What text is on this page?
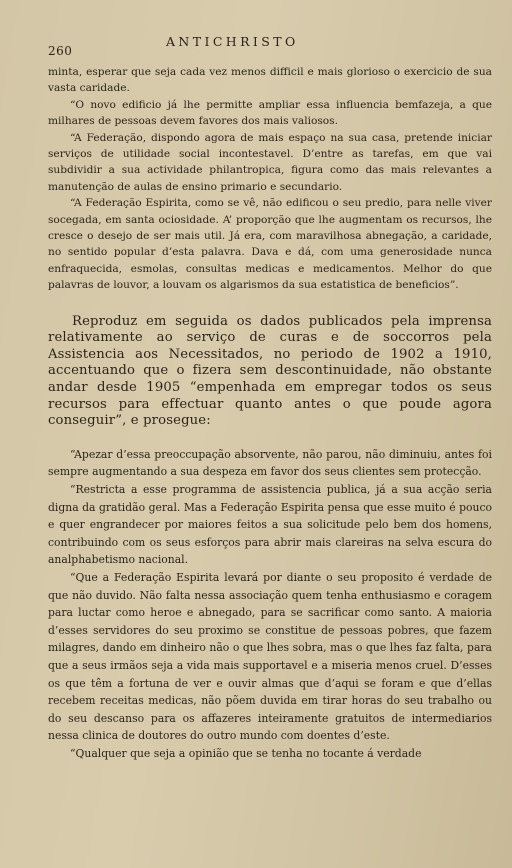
260
ANTICHRISTO

minta, esperar que seja cada vez menos difficil e mais glorioso o exercicio de sua vasta caridade.

“O novo edificio já lhe permitte ampliar essa influencia bemfazeja, a que milhares de pessoas devem favores dos mais valiosos.

“A Federação, dispondo agora de mais espaço na sua casa, pretende iniciar serviços de utilidade social incontestavel. D’entre as tarefas, em que vai subdividir a sua actividade philantropica, figura como das mais relevantes a manutenção de aulas de ensino primario e secundario.

“A Federação Espirita, como se vê, não edificou o seu predio, para nelle viver socegada, em santa ociosidade. A’ proporção que lhe augmentam os recursos, lhe cresce o desejo de ser mais util. Já era, com maravilhosa abnegação, a caridade, no sentido popular d’esta palavra. Dava e dá, com uma generosidade nunca enfraquecida, esmolas, consultas medicas e medicamentos. Melhor do que palavras de louvor, a louvam os algarismos da sua estatistica de beneficios”.

Reproduz em seguida os dados publicados pela imprensa relativamente ao serviço de curas e de soccorros pela Assistencia aos Necessitados, no periodo de 1902 a 1910, accentuando que o fizera sem descontinuidade, não obstante andar desde 1905 “empenhada em empregar todos os seus recursos para effectuar quanto antes o que poude agora conseguir”, e prosegue:

“Apezar d’essa preoccupação absorvente, não parou, não diminuiu, antes foi sempre augmentando a sua despeza em favor dos seus clientes sem protecção.

“Restricta a esse programma de assistencia publica, já a sua acção seria digna da gratidão geral. Mas a Federação Espirita pensa que esse muito é pouco e quer engrandecer por maiores feitos a sua solicitude pelo bem dos homens, contribuindo com os seus esforços para abrir mais clareiras na selva escura do analphabetismo nacional.

“Que a Federação Espirita levará por diante o seu proposito é verdade de que não duvido. Não falta nessa associação quem tenha enthusiasmo e coragem para luctar como heroe e abnegado, para se sacrificar como santo. A maioria d’esses servidores do seu proximo se constitue de pessoas pobres, que fazem milagres, dando em dinheiro não o que lhes sobra, mas o que lhes faz falta, para que a seus irmãos seja a vida mais supportavel e a miseria menos cruel. D’esses os que têm a fortuna de ver e ouvir almas que d’aqui se foram e que d’ellas recebem receitas medicas, não põem duvida em tirar horas do seu trabalho ou do seu descanso para os affazeres inteiramente gratuitos de intermediarios nessa clinica de doutores do outro mundo com doentes d’este.

“Qualquer que seja a opinião que se tenha no tocante á verdade
